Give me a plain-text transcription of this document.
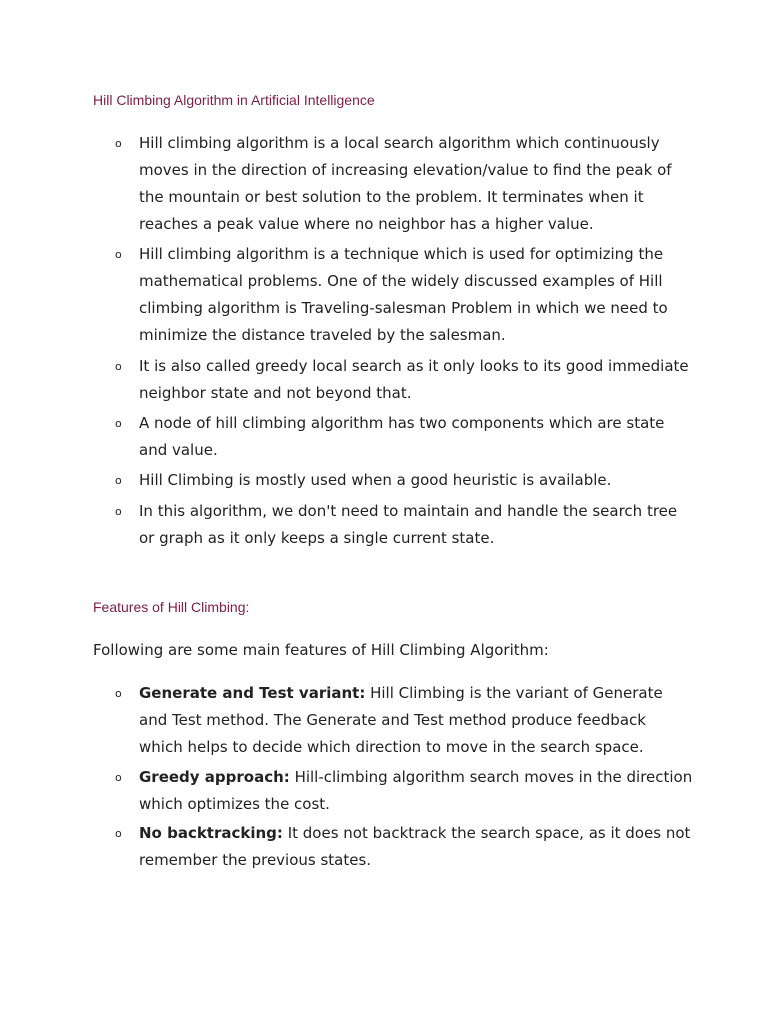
Hill Climbing Algorithm in Artificial Intelligence
o Hill climbing algorithm is a local search algorithm which continuously moves in the direction of increasing elevation/value to find the peak of the mountain or best solution to the problem. It terminates when it reaches a peak value where no neighbor has a higher value.
o Hill climbing algorithm is a technique which is used for optimizing the mathematical problems. One of the widely discussed examples of Hill climbing algorithm is Traveling-salesman Problem in which we need to minimize the distance traveled by the salesman.
o It is also called greedy local search as it only looks to its good immediate neighbor state and not beyond that.
o A node of hill climbing algorithm has two components which are state and value.
o Hill Climbing is mostly used when a good heuristic is available.
o In this algorithm, we don't need to maintain and handle the search tree or graph as it only keeps a single current state.
Features of Hill Climbing:
Following are some main features of Hill Climbing Algorithm:
o Generate and Test variant: Hill Climbing is the variant of Generate and Test method. The Generate and Test method produce feedback which helps to decide which direction to move in the search space.
o Greedy approach: Hill-climbing algorithm search moves in the direction which optimizes the cost.
o No backtracking: It does not backtrack the search space, as it does not remember the previous states.
